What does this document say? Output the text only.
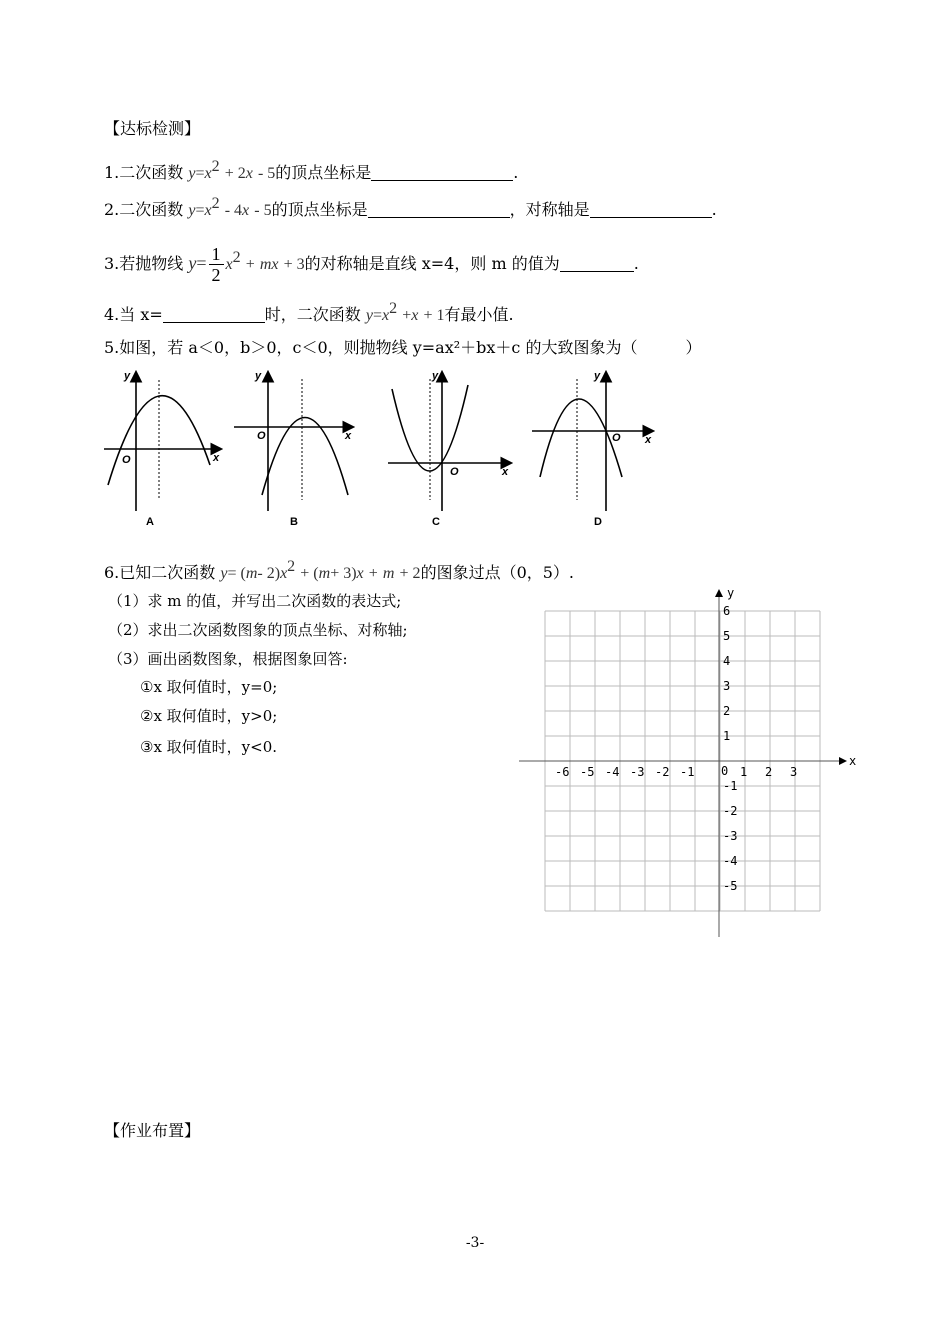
【达标检测】
1.二次函数 $y=x^2 + 2x - 5$的顶点坐标是	.
2.二次函数 $y=x^2 - 4x - 5$的顶点坐标是	，对称轴是	.
3.若抛物线 $y= \frac{1}{2} x^2$ + mx + 3的对称轴是直线 x=4，则 m 的值为	.
4.当 x=	时，二次函数 $y=x^2 +x + 1$有最小值.
5.如图，若 a＜0，b＞0，c＜0，则抛物线 y=ax²＋bx＋c 的大致图象为（　　　）
y
x
O
A
y
x
O
B
y
x
O
C
y
x
O
D
6.已知二次函数 y= (m- $2)x^2 + (m+ 3)x + m + 2$的图象过点（0，5）.
（1）求 m 的值，并写出二次函数的表达式;
（2）求出二次函数图象的顶点坐标、对称轴;
（3）画出函数图象，根据图象回答:
①x 取何值时，y=0;
②x 取何值时，y>0;
③x 取何值时，y<0.
-6 -5 -4 -3 -2 -1	1 2 3
6
5
4
3
2
1
-1
-2
-3
-4
-5
y
x
0
【作业布置】
-3-
